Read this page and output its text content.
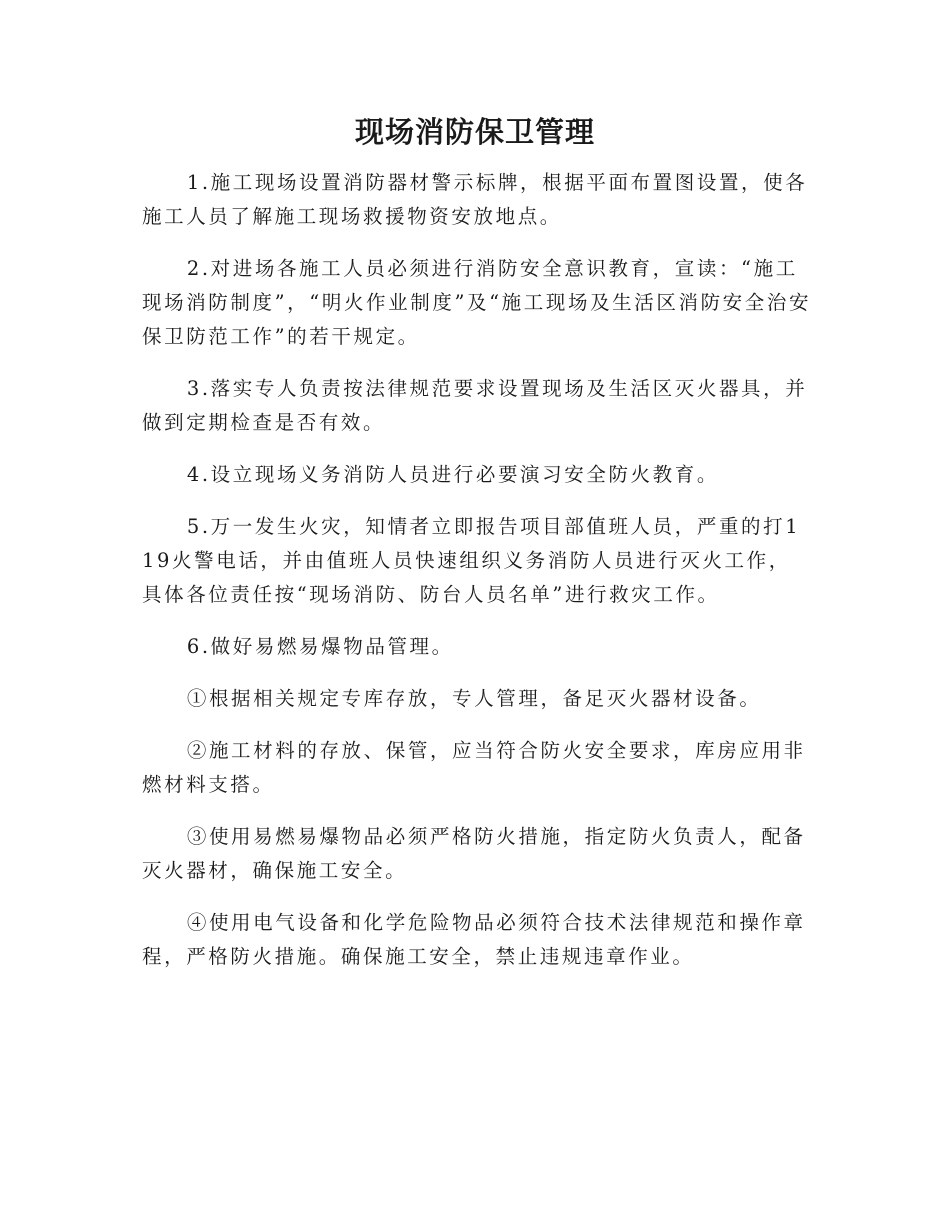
现场消防保卫管理

1.施工现场设置消防器材警示标牌，根据平面布置图设置，使各施工人员了解施工现场救援物资安放地点。

2.对进场各施工人员必须进行消防安全意识教育，宣读：“施工现场消防制度”，“明火作业制度”及“施工现场及生活区消防安全治安保卫防范工作”的若干规定。

3.落实专人负责按法律规范要求设置现场及生活区灭火器具，并做到定期检查是否有效。

4.设立现场义务消防人员进行必要演习安全防火教育。

5.万一发生火灾，知情者立即报告项目部值班人员，严重的打119火警电话，并由值班人员快速组织义务消防人员进行灭火工作，具体各位责任按“现场消防、防台人员名单”进行救灾工作。

6.做好易燃易爆物品管理。

①根据相关规定专库存放，专人管理，备足灭火器材设备。

②施工材料的存放、保管，应当符合防火安全要求，库房应用非燃材料支搭。

③使用易燃易爆物品必须严格防火措施，指定防火负责人，配备灭火器材，确保施工安全。

④使用电气设备和化学危险物品必须符合技术法律规范和操作章程，严格防火措施。确保施工安全，禁止违规违章作业。
